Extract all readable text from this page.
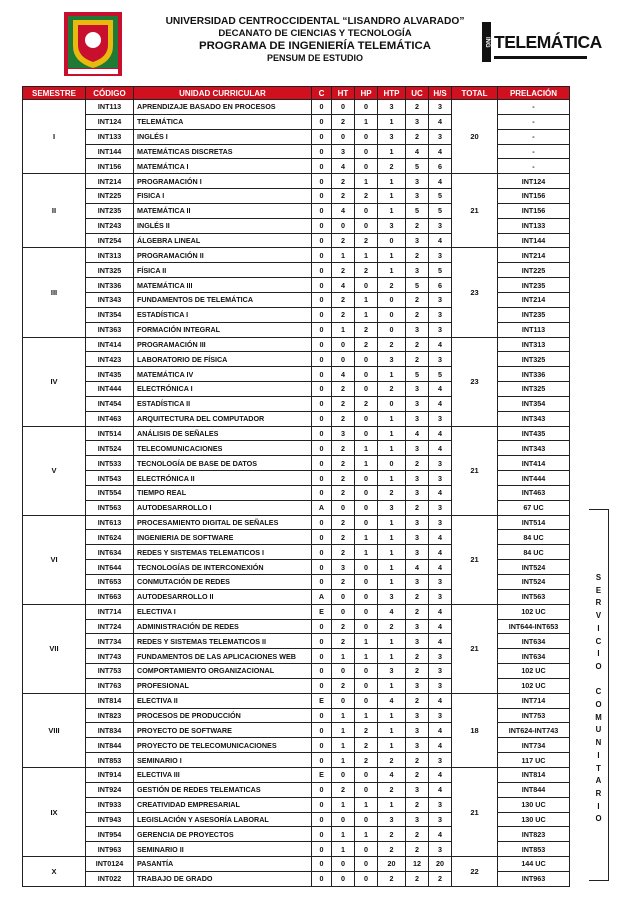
UNIVERSIDAD CENTROCCIDENTAL “LISANDRO ALVARADO”
DECANATO DE CIENCIAS Y TECNOLOGÍA
PROGRAMA DE INGENIERÍA TELEMÁTICA
PENSUM DE ESTUDIO
ING TELEMÁTICA
SEMESTRE	CÓDIGO	UNIDAD CURRICULAR	C	HT	HP	HTP	UC	H/S	TOTAL	PRELACIÓN
I	INT113	APRENDIZAJE BASADO EN PROCESOS	0	0	0	3	2	3	20	-
	INT124	TELEMÁTICA	0	2	1	1	3	4		-
	INT133	INGLÉS I	0	0	0	3	2	3		-
	INT144	MATEMÁTICAS DISCRETAS	0	3	0	1	4	4		-
	INT156	MATEMÁTICA I	0	4	0	2	5	6		-
II	INT214	PROGRAMACIÓN I	0	2	1	1	3	4	21	INT124
	INT225	FISICA I	0	2	2	1	3	5		INT156
	INT235	MATEMÁTICA II	0	4	0	1	5	5		INT156
	INT243	INGLÉS II	0	0	0	3	2	3		INT133
	INT254	ÁLGEBRA LINEAL	0	2	2	0	3	4		INT144
III	INT313	PROGRAMACIÓN II	0	1	1	1	2	3	23	INT214
	INT325	FÍSICA II	0	2	2	1	3	5		INT225
	INT336	MATEMÁTICA III	0	4	0	2	5	6		INT235
	INT343	FUNDAMENTOS DE TELEMÁTICA	0	2	1	0	2	3		INT214
	INT354	ESTADÍSTICA I	0	2	1	0	2	3		INT235
	INT363	FORMACIÓN INTEGRAL	0	1	2	0	3	3		INT113
IV	INT414	PROGRAMACIÓN III	0	0	2	2	2	4	23	INT313
	INT423	LABORATORIO DE FÍSICA	0	0	0	3	2	3		INT325
	INT435	MATEMÁTICA IV	0	4	0	1	5	5		INT336
	INT444	ELECTRÓNICA I	0	2	0	2	3	4		INT325
	INT454	ESTADÍSTICA II	0	2	2	0	3	4		INT354
	INT463	ARQUITECTURA DEL COMPUTADOR	0	2	0	1	3	3		INT343
V	INT514	ANÁLISIS DE SEÑALES	0	3	0	1	4	4	21	INT435
	INT524	TELECOMUNICACIONES	0	2	1	1	3	4		INT343
	INT533	TECNOLOGÍA DE BASE DE DATOS	0	2	1	0	2	3		INT414
	INT543	ELECTRÓNICA II	0	2	0	1	3	3		INT444
	INT554	TIEMPO REAL	0	2	0	2	3	4		INT463
	INT563	AUTODESARROLLO I	A	0	0	3	2	3		67 UC
VI	INT613	PROCESAMIENTO DIGITAL DE SEÑALES	0	2	0	1	3	3	21	INT514
	INT624	INGENIERIA DE SOFTWARE	0	2	1	1	3	4		84 UC
	INT634	REDES Y SISTEMAS TELEMATICOS I	0	2	1	1	3	4		84 UC
	INT644	TECNOLOGÍAS DE INTERCONEXIÓN	0	3	0	1	4	4		INT524
	INT653	CONMUTACIÓN DE REDES	0	2	0	1	3	3		INT524
	INT663	AUTODESARROLLO II	A	0	0	3	2	3		INT563
VII	INT714	ELECTIVA I	E	0	0	4	2	4	21	102 UC
	INT724	ADMINISTRACIÓN DE REDES	0	2	0	2	3	4		INT644-INT653
	INT734	REDES Y SISTEMAS TELEMATICOS II	0	2	1	1	3	4		INT634
	INT743	FUNDAMENTOS DE LAS APLICACIONES WEB	0	1	1	1	2	3		INT634
	INT753	COMPORTAMIENTO ORGANIZACIONAL	0	0	0	3	2	3		102 UC
	INT763	PROFESIONAL	0	2	0	1	3	3		102 UC
VIII	INT814	ELECTIVA II	E	0	0	4	2	4	18	INT714
	INT823	PROCESOS DE PRODUCCIÓN	0	1	1	1	3	3		INT753
	INT834	PROYECTO DE SOFTWARE	0	1	2	1	3	4		INT624-INT743
	INT844	PROYECTO DE TELECOMUNICACIONES	0	1	2	1	3	4		INT734
	INT853	SEMINARIO I	0	1	2	2	2	3		117 UC
IX	INT914	ELECTIVA III	E	0	0	4	2	4	21	INT814
	INT924	GESTIÓN DE REDES TELEMATICAS	0	2	0	2	3	4		INT844
	INT933	CREATIVIDAD EMPRESARIAL	0	1	1	1	2	3		130 UC
	INT943	LEGISLACIÓN Y ASESORÍA LABORAL	0	0	0	3	3	3		130 UC
	INT954	GERENCIA DE PROYECTOS	0	1	1	2	2	4		INT823
	INT963	SEMINARIO II	0	1	0	2	2	3		INT853
X	INT0124	PASANTÍA	0	0	0	20	12	20	22	144 UC
	INT022	TRABAJO DE GRADO	0	0	0	2	2	2		INT963
S
E
R
V
I
C
I
O

C
O
M
U
N
I
T
A
R
I
O
